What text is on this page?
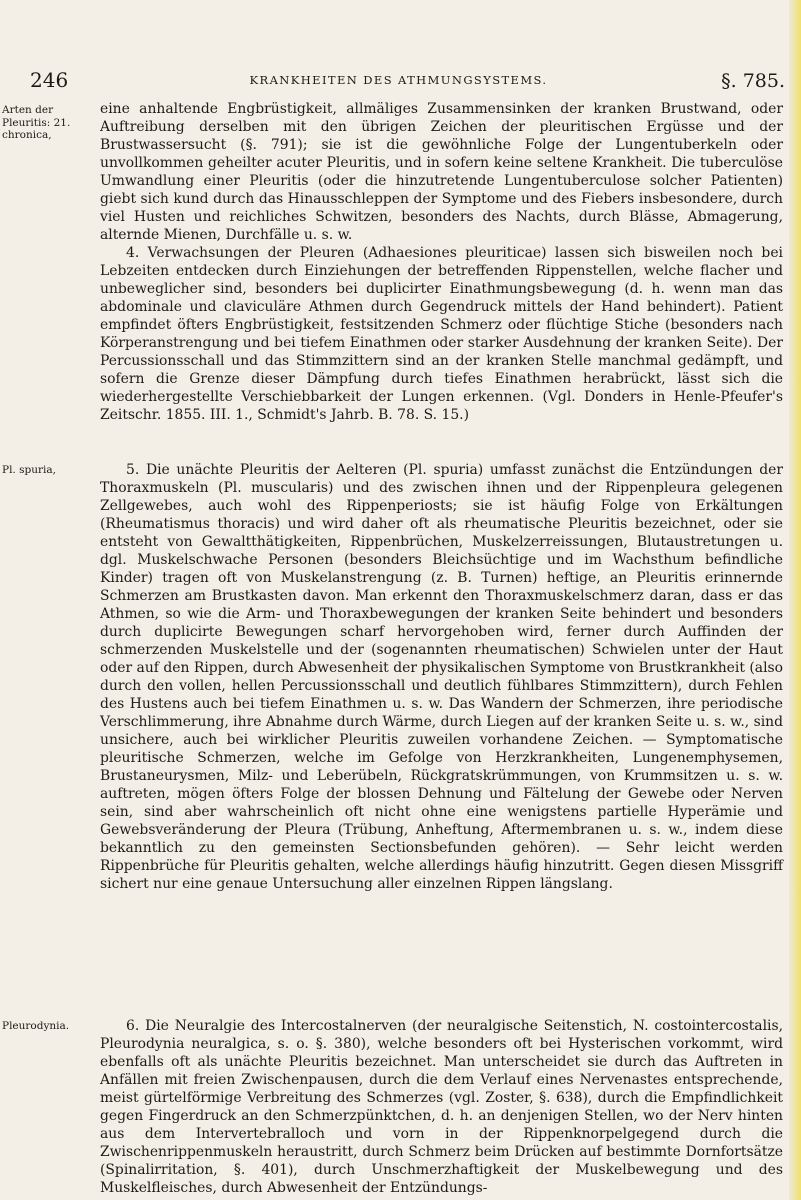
246	KRANKHEITEN DES ATHMUNGSYSTEMS.	§. 785.
Arten der Pleuritis: 21. chronica,
Pl. spuria,
Pleurodynia.

eine anhaltende Engbrüstigkeit, allmäliges Zusammensinken der kranken Brustwand, oder Auftreibung derselben mit den übrigen Zeichen der pleuritischen Ergüsse und der Brustwassersucht (§. 791); sie ist die gewöhnliche Folge der Lungentuberkeln oder unvollkommen geheilter acuter Pleuritis, und in sofern keine seltene Krankheit. Die tuberculöse Umwandlung einer Pleuritis (oder die hinzutretende Lungentuberculose solcher Patienten) giebt sich kund durch das Hinausschleppen der Symptome und des Fiebers insbesondere, durch viel Husten und reichliches Schwitzen, besonders des Nachts, durch Blässe, Abmagerung, alternde Mienen, Durchfälle u. s. w.

4. Verwachsungen der Pleuren (Adhaesiones pleuriticae) lassen sich bisweilen noch bei Lebzeiten entdecken durch Einziehungen der betreffenden Rippenstellen, welche flacher und unbeweglicher sind, besonders bei duplicirter Einathmungsbewegung (d. h. wenn man das abdominale und claviculäre Athmen durch Gegendruck mittels der Hand behindert). Patient empfindet öfters Engbrüstigkeit, festsitzenden Schmerz oder flüchtige Stiche (besonders nach Körperanstrengung und bei tiefem Einathmen oder starker Ausdehnung der kranken Seite). Der Percussionsschall und das Stimmzittern sind an der kranken Stelle manchmal gedämpft, und sofern die Grenze dieser Dämpfung durch tiefes Einathmen herabrückt, lässt sich die wiederhergestellte Verschiebbarkeit der Lungen erkennen. (Vgl. Donders in Henle-Pfeufer's Zeitschr. 1855. III. 1., Schmidt's Jahrb. B. 78. S. 15.)

5. Die unächte Pleuritis der Aelteren (Pl. spuria) umfasst zunächst die Entzündungen der Thoraxmuskeln (Pl. muscularis) und des zwischen ihnen und der Rippenpleura gelegenen Zellgewebes, auch wohl des Rippenperiosts; sie ist häufig Folge von Erkältungen (Rheumatismus thoracis) und wird daher oft als rheumatische Pleuritis bezeichnet, oder sie entsteht von Gewaltthätigkeiten, Rippenbrüchen, Muskelzerreissungen, Blutaustretungen u. dgl. Muskelschwache Personen (besonders Bleichsüchtige und im Wachsthum befindliche Kinder) tragen oft von Muskelanstrengung (z. B. Turnen) heftige, an Pleuritis erinnernde Schmerzen am Brustkasten davon. Man erkennt den Thoraxmuskelschmerz daran, dass er das Athmen, so wie die Arm- und Thoraxbewegungen der kranken Seite behindert und besonders durch duplicirte Bewegungen scharf hervorgehoben wird, ferner durch Auffinden der schmerzenden Muskelstelle und der (sogenannten rheumatischen) Schwielen unter der Haut oder auf den Rippen, durch Abwesenheit der physikalischen Symptome von Brustkrankheit (also durch den vollen, hellen Percussionsschall und deutlich fühlbares Stimmzittern), durch Fehlen des Hustens auch bei tiefem Einathmen u. s. w. Das Wandern der Schmerzen, ihre periodische Verschlimmerung, ihre Abnahme durch Wärme, durch Liegen auf der kranken Seite u. s. w., sind unsichere, auch bei wirklicher Pleuritis zuweilen vorhandene Zeichen. — Symptomatische pleuritische Schmerzen, welche im Gefolge von Herzkrankheiten, Lungenemphysemen, Brustaneurysmen, Milz- und Leberübeln, Rückgratskrümmungen, von Krummsitzen u. s. w. auftreten, mögen öfters Folge der blossen Dehnung und Fältelung der Gewebe oder Nerven sein, sind aber wahrscheinlich oft nicht ohne eine wenigstens partielle Hyperämie und Gewebsveränderung der Pleura (Trübung, Anheftung, Aftermembranen u. s. w., indem diese bekanntlich zu den gemeinsten Sectionsbefunden gehören). — Sehr leicht werden Rippenbrüche für Pleuritis gehalten, welche allerdings häufig hinzutritt. Gegen diesen Missgriff sichert nur eine genaue Untersuchung aller einzelnen Rippen längslang.

6. Die Neuralgie des Intercostalnerven (der neuralgische Seitenstich, N. costointercostalis, Pleurodynia neuralgica, s. o. §. 380), welche besonders oft bei Hysterischen vorkommt, wird ebenfalls oft als unächte Pleuritis bezeichnet. Man unterscheidet sie durch das Auftreten in Anfällen mit freien Zwischenpausen, durch die dem Verlauf eines Nervenastes entsprechende, meist gürtelförmige Verbreitung des Schmerzes (vgl. Zoster, §. 638), durch die Empfindlichkeit gegen Fingerdruck an den Schmerzpünktchen, d. h. an denjenigen Stellen, wo der Nerv hinten aus dem Intervertebralloch und vorn in der Rippenknorpelgegend durch die Zwischenrippenmuskeln heraustritt, durch Schmerz beim Drücken auf bestimmte Dornfortsätze (Spinalirritation, §. 401), durch Unschmerzhaftigkeit der Muskelbewegung und des Muskelfleisches, durch Abwesenheit der Entzündungs-
